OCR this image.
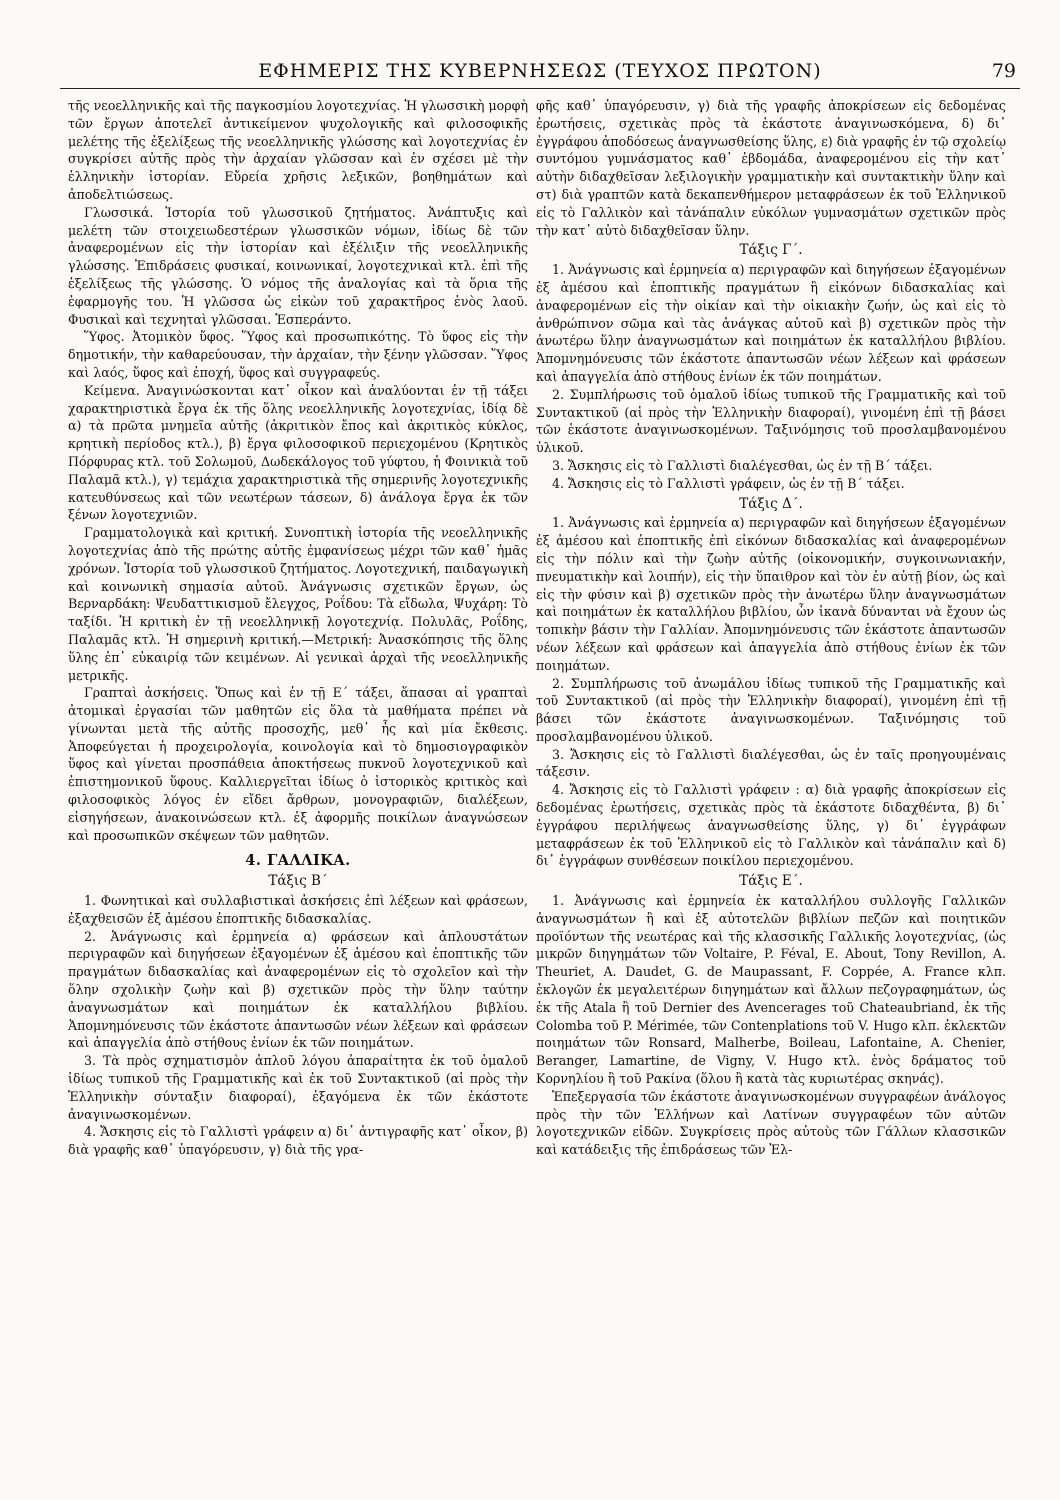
ΕΦΗΜΕΡΙΣ ΤΗΣ ΚΥΒΕΡΝΗΣΕΩΣ (ΤΕΥΧΟΣ ΠΡΩΤΟΝ)	79

τῆς νεοελληνικῆς καὶ τῆς παγκοσμίου λογοτεχνίας. Ἡ γλωσσικὴ μορφὴ τῶν ἔργων ἀποτελεῖ ἀντικείμενον ψυχολογικῆς καὶ φιλοσοφικῆς μελέτης τῆς ἐξελίξεως τῆς νεοελληνικῆς γλώσσης καὶ λογοτεχνίας ἐν συγκρίσει αὐτῆς πρὸς τὴν ἀρχαίαν γλῶσσαν καὶ ἐν σχέσει μὲ τὴν ἑλληνικὴν ἱστορίαν. Εὔρεία χρῆσις λεξικῶν, βοηθημάτων καὶ ἀποδελτιώσεως.

Γλωσσικά. Ἱστορία τοῦ γλωσσικοῦ ζητήματος. Ἀνάπτυξις καὶ μελέτη τῶν στοιχειωδεστέρων γλωσσικῶν νόμων, ἰδίως δὲ τῶν ἀναφερομένων εἰς τὴν ἱστορίαν καὶ ἐξέλιξιν τῆς νεοελληνικῆς γλώσσης. Ἐπιδράσεις φυσικαί, κοινωνικαί, λογοτεχνικαὶ κτλ. ἐπὶ τῆς ἐξελίξεως τῆς γλώσσης. Ὁ νόμος τῆς ἀναλογίας καὶ τὰ ὅρια τῆς ἐφαρμογῆς του. Ἡ γλῶσσα ὡς εἰκὼν τοῦ χαρακτῆρος ἑνὸς λαοῦ. Φυσικαὶ καὶ τεχνηταὶ γλῶσσαι. Ἐσπεράντο.

Ὕφος. Ἀτομικὸν ὕφος. Ὕφος καὶ προσωπικότης. Τὸ ὕφος εἰς τὴν δημοτικήν, τὴν καθαρεύουσαν, τὴν ἀρχαίαν, τὴν ξένην γλῶσσαν. Ὕφος καὶ λαός, ὕφος καὶ ἐποχή, ὕφος καὶ συγγραφεύς.

Κείμενα. Ἀναγινώσκονται κατ᾽ οἶκον καὶ ἀναλύονται ἐν τῇ τάξει χαρακτηριστικὰ ἔργα ἐκ τῆς ὅλης νεοελληνικῆς λογοτεχνίας, ἰδίᾳ δὲ α) τὰ πρῶτα μνημεῖα αὐτῆς (ἀκριτικὸν ἔπος καὶ ἀκριτικὸς κύκλος, κρητικὴ περίοδος κτλ.), β) ἔργα φιλοσοφικοῦ περιεχομένου (Κρητικὸς Πόρφυρας κτλ. τοῦ Σολωμοῦ, Δωδεκάλογος τοῦ γύφτου, ἡ Φοινικιὰ τοῦ Παλαμᾶ κτλ.), γ) τεμάχια χαρακτηριστικὰ τῆς σημερινῆς λογοτεχνικῆς κατευθύνσεως καὶ τῶν νεωτέρων τάσεων, δ) ἀνάλογα ἔργα ἐκ τῶν ξένων λογοτεχνιῶν.

Γραμματολογικὰ καὶ κριτική. Συνοπτικὴ ἱστορία τῆς νεοελληνικῆς λογοτεχνίας ἀπὸ τῆς πρώτης αὐτῆς ἐμφανίσεως μέχρι τῶν καθ᾽ ἡμᾶς χρόνων. Ἱστορία τοῦ γλωσσικοῦ ζητήματος. Λογοτεχνική, παιδαγωγικὴ καὶ κοινωνικὴ σημασία αὐτοῦ. Ἀνάγνωσις σχετικῶν ἔργων, ὡς Βερναρδάκη: Ψευδαττικισμοῦ ἔλεγχος, Ροΐδου: Τὰ εἴδωλα, Ψυχάρη: Τὸ ταξίδι. Ἡ κριτικὴ ἐν τῇ νεοελληνικῇ λογοτεχνίᾳ. Πολυλᾶς, Ροΐδης, Παλαμᾶς κτλ. Ἡ σημερινὴ κριτική.—Μετρική: Ἀνασκόπησις τῆς ὅλης ὕλης ἐπ᾽ εὐκαιρίᾳ τῶν κειμένων. Αἱ γενικαὶ ἀρχαὶ τῆς νεοελληνικῆς μετρικῆς.

Γραπταὶ ἀσκήσεις. Ὅπως καὶ ἐν τῇ Ε´ τάξει, ἅπασαι αἱ γραπταὶ ἀτομικαὶ ἐργασίαι τῶν μαθητῶν εἰς ὅλα τὰ μαθήματα πρέπει νὰ γίνωνται μετὰ τῆς αὐτῆς προσοχῆς, μεθ᾽ ἧς καὶ μία ἔκθεσις. Ἀποφεύγεται ἡ προχειρολογία, κοινολογία καὶ τὸ δημοσιογραφικὸν ὕφος καὶ γίνεται προσπάθεια ἀποκτήσεως πυκνοῦ λογοτεχνικοῦ καὶ ἐπιστημονικοῦ ὕφους. Καλλιεργεῖται ἰδίως ὁ ἱστορικὸς κριτικὸς καὶ φιλοσοφικὸς λόγος ἐν εἴδει ἄρθρων, μονογραφιῶν, διαλέξεων, εἰσηγήσεων, ἀνακοινώσεων κτλ. ἐξ ἀφορμῆς ποικίλων ἀναγνώσεων καὶ προσωπικῶν σκέψεων τῶν μαθητῶν.

4. ΓΑΛΛΙΚΑ.
Τάξις Β´

1. Φωνητικαὶ καὶ συλλαβιστικαὶ ἀσκήσεις ἐπὶ λέξεων καὶ φράσεων, ἐξαχθεισῶν ἐξ ἀμέσου ἐποπτικῆς διδασκαλίας.

2. Ἀνάγνωσις καὶ ἑρμηνεία α) φράσεων καὶ ἁπλουστάτων περιγραφῶν καὶ διηγήσεων ἐξαγομένων ἐξ ἀμέσου καὶ ἐποπτικῆς τῶν πραγμάτων διδασκαλίας καὶ ἀναφερομένων εἰς τὸ σχολεῖον καὶ τὴν ὅλην σχολικὴν ζωὴν καὶ β) σχετικῶν πρὸς τὴν ὕλην ταύτην ἀναγνωσμάτων καὶ ποιημάτων ἐκ καταλλήλου βιβλίου. Ἀπομνημόνευσις τῶν ἑκάστοτε ἀπαντωσῶν νέων λέξεων καὶ φράσεων καὶ ἀπαγγελία ἀπὸ στήθους ἐνίων ἐκ τῶν ποιημάτων.

3. Τὰ πρὸς σχηματισμὸν ἁπλοῦ λόγου ἀπαραίτητα ἐκ τοῦ ὁμαλοῦ ἰδίως τυπικοῦ τῆς Γραμματικῆς καὶ ἐκ τοῦ Συντακτικοῦ (αἱ πρὸς τὴν Ἑλληνικὴν σύνταξιν διαφοραί), ἐξαγόμενα ἐκ τῶν ἑκάστοτε ἀναγινωσκομένων.

4. Ἄσκησις εἰς τὸ Γαλλιστὶ γράφειν α) δι᾽ ἀντιγραφῆς κατ᾽ οἶκον, β) διὰ γραφῆς καθ᾽ ὑπαγόρευσιν, γ) διὰ τῆς γρα-

φῆς καθ᾽ ὑπαγόρευσιν, γ) διὰ τῆς γραφῆς ἀποκρίσεων εἰς δεδομένας ἐρωτήσεις, σχετικὰς πρὸς τὰ ἑκάστοτε ἀναγινωσκόμενα, δ) δι᾽ ἐγγράφου ἀποδόσεως ἀναγνωσθείσης ὕλης, ε) διὰ γραφῆς ἐν τῷ σχολείῳ συντόμου γυμνάσματος καθ᾽ ἑβδομάδα, ἀναφερομένου εἰς τὴν κατ᾽ αὐτὴν διδαχθεῖσαν λεξιλογικὴν γραμματικὴν καὶ συντακτικὴν ὕλην καὶ στ) διὰ γραπτῶν κατὰ δεκαπενθήμερον μεταφράσεων ἐκ τοῦ Ἑλληνικοῦ εἰς τὸ Γαλλικὸν καὶ τἀνάπαλιν εὐκόλων γυμνασμάτων σχετικῶν πρὸς τὴν κατ᾽ αὐτὸ διδαχθεῖσαν ὕλην.

Τάξις Γ´.

1. Ἀνάγνωσις καὶ ἑρμηνεία α) περιγραφῶν καὶ διηγήσεων ἐξαγομένων ἐξ ἀμέσου καὶ ἐποπτικῆς πραγμάτων ἢ εἰκόνων διδασκαλίας καὶ ἀναφερομένων εἰς τὴν οἰκίαν καὶ τὴν οἰκιακὴν ζωήν, ὡς καὶ εἰς τὸ ἀνθρώπινον σῶμα καὶ τὰς ἀνάγκας αὐτοῦ καὶ β) σχετικῶν πρὸς τὴν ἀνωτέρω ὕλην ἀναγνωσμάτων καὶ ποιημάτων ἐκ καταλλήλου βιβλίου. Ἀπομνημόνευσις τῶν ἑκάστοτε ἀπαντωσῶν νέων λέξεων καὶ φράσεων καὶ ἀπαγγελία ἀπὸ στήθους ἐνίων ἐκ τῶν ποιημάτων.

2. Συμπλήρωσις τοῦ ὁμαλοῦ ἰδίως τυπικοῦ τῆς Γραμματικῆς καὶ τοῦ Συντακτικοῦ (αἱ πρὸς τὴν Ἑλληνικὴν διαφοραί), γινομένη ἐπὶ τῇ βάσει τῶν ἑκάστοτε ἀναγινωσκομένων. Ταξινόμησις τοῦ προσλαμβανομένου ὑλικοῦ.

3. Ἄσκησις εἰς τὸ Γαλλιστὶ διαλέγεσθαι, ὡς ἐν τῇ Β´ τάξει.

4. Ἄσκησις εἰς τὸ Γαλλιστὶ γράφειν, ὡς ἐν τῇ Β´ τάξει.

Τάξις Δ´.

1. Ἀνάγνωσις καὶ ἑρμηνεία α) περιγραφῶν καὶ διηγήσεων ἐξαγομένων ἐξ ἀμέσου καὶ ἐποπτικῆς ἐπὶ εἰκόνων διδασκαλίας καὶ ἀναφερομένων εἰς τὴν πόλιν καὶ τὴν ζωὴν αὐτῆς (οἰκονομικήν, συγκοινωνιακήν, πνευματικὴν καὶ λοιπήν), εἰς τὴν ὕπαιθρον καὶ τὸν ἐν αὐτῇ βίον, ὡς καὶ εἰς τὴν φύσιν καὶ β) σχετικῶν πρὸς τὴν ἀνωτέρω ὕλην ἀναγνωσμάτων καὶ ποιημάτων ἐκ καταλλήλου βιβλίου, ὧν ἱκανὰ δύνανται νὰ ἔχουν ὡς τοπικὴν βάσιν τὴν Γαλλίαν. Ἀπομνημόνευσις τῶν ἑκάστοτε ἀπαντωσῶν νέων λέξεων καὶ φράσεων καὶ ἀπαγγελία ἀπὸ στήθους ἐνίων ἐκ τῶν ποιημάτων.

2. Συμπλήρωσις τοῦ ἀνωμάλου ἰδίως τυπικοῦ τῆς Γραμματικῆς καὶ τοῦ Συντακτικοῦ (αἱ πρὸς τὴν Ἑλληνικὴν διαφοραί), γινομένη ἐπὶ τῇ βάσει τῶν ἑκάστοτε ἀναγινωσκομένων. Ταξινόμησις τοῦ προσλαμβανομένου ὑλικοῦ.

3. Ἄσκησις εἰς τὸ Γαλλιστὶ διαλέγεσθαι, ὡς ἐν ταῖς προηγουμέναις τάξεσιν.

4. Ἄσκησις εἰς τὸ Γαλλιστὶ γράφειν : α) διὰ γραφῆς ἀποκρίσεων εἰς δεδομένας ἐρωτήσεις, σχετικὰς πρὸς τὰ ἑκάστοτε διδαχθέντα, β) δι᾽ ἐγγράφου περιλήψεως ἀναγνωσθείσης ὕλης, γ) δι᾽ ἐγγράφων μεταφράσεων ἐκ τοῦ Ἑλληνικοῦ εἰς τὸ Γαλλικὸν καὶ τἀνάπαλιν καὶ δ) δι᾽ ἐγγράφων συνθέσεων ποικίλου περιεχομένου.

Τάξις Ε´.

1. Ἀνάγνωσις καὶ ἑρμηνεία ἐκ καταλλήλου συλλογῆς Γαλλικῶν ἀναγνωσμάτων ἢ καὶ ἐξ αὐτοτελῶν βιβλίων πεζῶν καὶ ποιητικῶν προϊόντων τῆς νεωτέρας καὶ τῆς κλασσικῆς Γαλλικῆς λογοτεχνίας, (ὡς μικρῶν διηγημάτων τῶν Voltaire, P. Féval, E. About, Tony Revillon, A. Theuriet, A. Daudet, G. de Maupassant, F. Coppée, A. France κλπ. ἐκλογῶν ἐκ μεγαλειτέρων διηγημάτων καὶ ἄλλων πεζογραφημάτων, ὡς ἐκ τῆς Atala ἢ τοῦ Dernier des Avencerages τοῦ Chateaubriand, ἐκ τῆς Colomba τοῦ P. Mérimée, τῶν Contenplations τοῦ V. Hugo κλπ. ἐκλεκτῶν ποιημάτων τῶν Ronsard, Malherbe, Boileau, Lafontaine, A. Chenier, Beranger, Lamartine, de Vigny, V. Hugo κτλ. ἑνὸς δράματος τοῦ Κορνηλίου ἢ τοῦ Ρακίνα (ὅλου ἢ κατὰ τὰς κυριωτέρας σκηνάς).

Ἐπεξεργασία τῶν ἑκάστοτε ἀναγινωσκομένων συγγραφέων ἀνάλογος πρὸς τὴν τῶν Ἑλλήνων καὶ Λατίνων συγγραφέων τῶν αὐτῶν λογοτεχνικῶν εἰδῶν. Συγκρίσεις πρὸς αὐτοὺς τῶν Γάλλων κλασσικῶν καὶ κατάδειξις τῆς ἐπιδράσεως τῶν Ἑλ-
